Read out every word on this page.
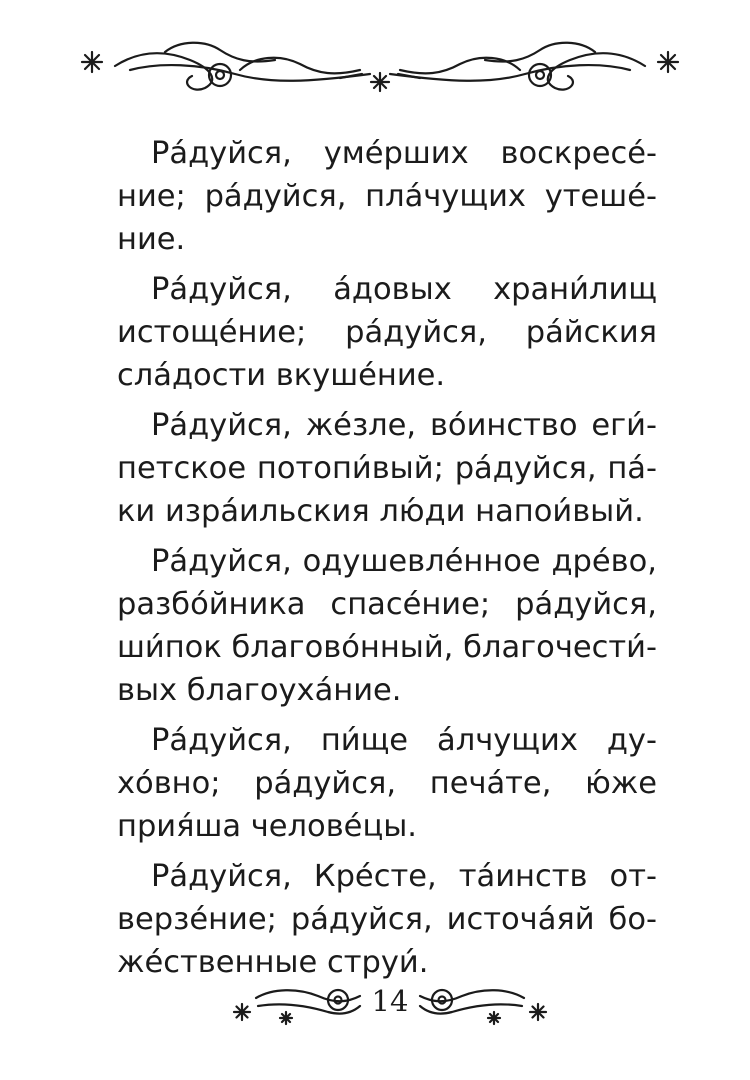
Ра́дуйся, уме́рших воскресе́-
ние; ра́дуйся, пла́чущих утеше́-
ние.

Ра́дуйся, а́довых храни́лищ
истоще́ние; ра́дуйся, ра́йския
сла́дости вкуше́ние.

Ра́дуйся, же́зле, во́инство еги́-
петское потопи́вый; ра́дуйся, па́-
ки изра́ильския лю́ди напои́вый.

Ра́дуйся, одушевле́нное дре́во,
разбо́йника спасе́ние; ра́дуйся,
ши́пок благово́нный, благочести́-
вых благоуха́ние.

Ра́дуйся, пи́ще а́лчущих ду-
хо́вно; ра́дуйся, печа́те, ю́же
прия́ша челове́цы.

Ра́дуйся, Кре́сте, та́инств от-
верзе́ние; ра́дуйся, источа́яй бо-
же́ственные струи́.

14
